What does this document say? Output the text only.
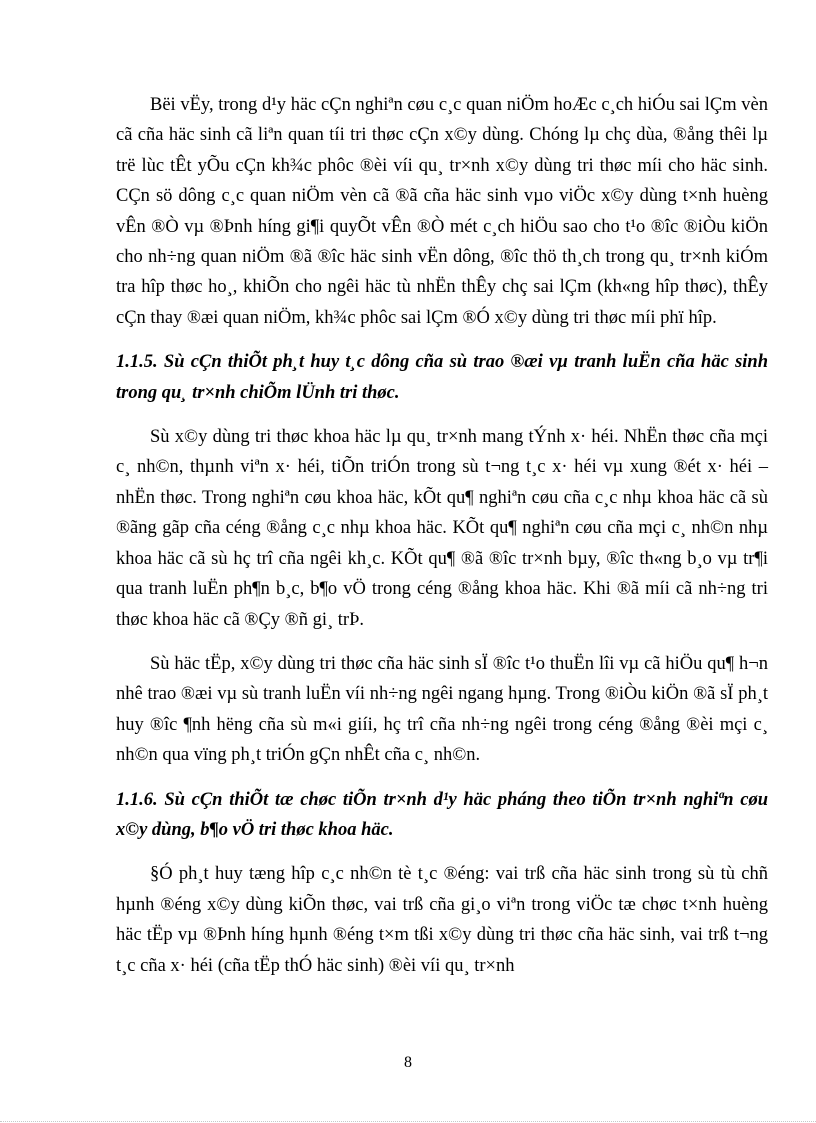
Bëi vËy, trong d¹y häc cÇn nghiªn cøu c¸c quan niÖm hoÆc c¸ch hiÓu sai lÇm vèn cã cña häc sinh cã liªn quan tíi tri thøc cÇn x©y dùng. Chóng lµ chç dùa, ®ång thêi lµ trë lùc tÊt yÕu cÇn kh¾c phôc ®èi víi qu¸ tr×nh x©y dùng tri thøc míi cho häc sinh. CÇn sö dông c¸c quan niÖm vèn cã ®ã cña häc sinh vµo viÖc x©y dùng t×nh huèng vÊn ®Ò vµ ®Þnh híng gi¶i quyÕt vÊn ®Ò mét c¸ch hiÖu sao cho t¹o ®îc ®iÒu kiÖn cho nh÷ng quan niÖm ®ã ®îc häc sinh vËn dông, ®îc thö th¸ch trong qu¸ tr×nh kiÓm tra hîp thøc ho¸, khiÕn cho ngêi häc tù nhËn thÊy chç sai lÇm (kh«ng hîp thøc), thÊy cÇn thay ®æi quan niÖm, kh¾c phôc sai lÇm ®Ó x©y dùng tri thøc míi phï hîp.

1.1.5. Sù cÇn thiÕt ph¸t huy t¸c dông cña sù trao ®æi vµ tranh luËn cña häc sinh trong qu¸ tr×nh chiÕm lÜnh tri thøc.

Sù x©y dùng tri thøc khoa häc lµ qu¸ tr×nh mang tÝnh x· héi. NhËn thøc cña mçi c¸ nh©n, thµnh viªn x· héi, tiÕn triÓn trong sù t¬ng t¸c x· héi vµ xung ®ét x· héi – nhËn thøc. Trong nghiªn cøu khoa häc, kÕt qu¶ nghiªn cøu cña c¸c nhµ khoa häc cã sù ®ãng gãp cña céng ®ång c¸c nhµ khoa häc. KÕt qu¶ nghiªn cøu cña mçi c¸ nh©n nhµ khoa häc cã sù hç trî cña ngêi kh¸c. KÕt qu¶ ®ã ®îc tr×nh bµy, ®îc th«ng b¸o vµ tr¶i qua tranh luËn ph¶n b¸c, b¶o vÖ trong céng ®ång khoa häc. Khi ®ã míi cã nh÷ng tri thøc khoa häc cã ®Çy ®ñ gi¸ trÞ.

Sù häc tËp, x©y dùng tri thøc cña häc sinh sÏ ®îc t¹o thuËn lîi vµ cã hiÖu qu¶ h¬n nhê trao ®æi vµ sù tranh luËn víi nh÷ng ngêi ngang hµng. Trong ®iÒu kiÖn ®ã sÏ ph¸t huy ®îc ¶nh hëng cña sù m«i giíi, hç trî cña nh÷ng ngêi trong céng ®ång ®èi mçi c¸ nh©n qua vïng ph¸t triÓn gÇn nhÊt cña c¸ nh©n.

1.1.6. Sù cÇn thiÕt tæ chøc tiÕn tr×nh d¹y häc pháng theo tiÕn tr×nh nghiªn cøu x©y dùng, b¶o vÖ tri thøc khoa häc.

§Ó ph¸t huy tæng hîp c¸c nh©n tè t¸c ®éng: vai trß cña häc sinh trong sù tù chñ hµnh ®éng x©y dùng kiÕn thøc, vai trß cña gi¸o viªn trong viÖc tæ chøc t×nh huèng häc tËp vµ ®Þnh híng hµnh ®éng t×m tßi x©y dùng tri thøc cña häc sinh, vai trß t¬ng t¸c cña x· héi (cña tËp thÓ häc sinh) ®èi víi qu¸ tr×nh

8
